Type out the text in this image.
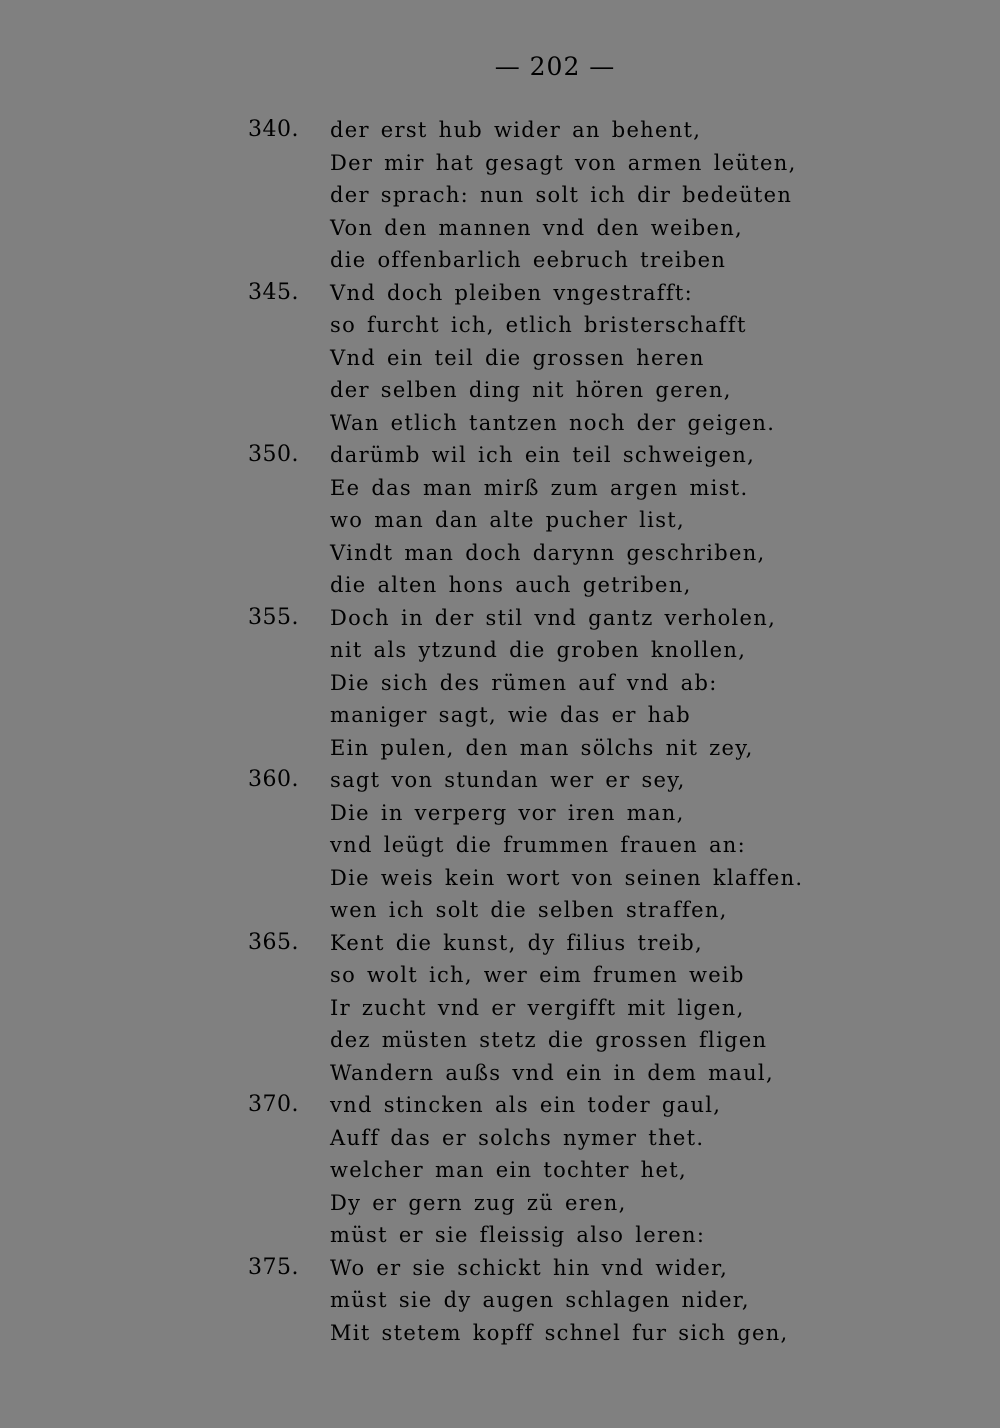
— 202 —
340.	der erst hub wider an behent,
Der mir hat gesagt von armen leüten,
der sprach: nun solt ich dir bedeüten
Von den mannen vnd den weiben,
die offenbarlich eebruch treiben
345.	Vnd doch pleiben vngestrafft:
so furcht ich, etlich bristerschafft
Vnd ein teil die grossen heren
der selben ding nit hören geren,
Wan etlich tantzen noch der geigen.
350.	darümb wil ich ein teil schweigen,
Ee das man mirß zum argen mist.
wo man dan alte pucher list,
Vindt man doch darynn geschriben,
die alten hons auch getriben,
355.	Doch in der stil vnd gantz verholen,
nit als ytzund die groben knollen,
Die sich des rümen auf vnd ab:
maniger sagt, wie das er hab
Ein pulen, den man sölchs nit zey,
360.	sagt von stundan wer er sey,
Die in verperg vor iren man,
vnd leügt die frummen frauen an:
Die weis kein wort von seinen klaffen.
wen ich solt die selben straffen,
365.	Kent die kunst, dy filius treib,
so wolt ich, wer eim frumen weib
Ir zucht vnd er vergifft mit ligen,
dez müsten stetz die grossen fligen
Wandern außs vnd ein in dem maul,
370.	vnd stincken als ein toder gaul,
Auff das er solchs nymer thet.
welcher man ein tochter het,
Dy er gern zug zü eren,
müst er sie fleissig also leren:
375.	Wo er sie schickt hin vnd wider,
müst sie dy augen schlagen nider,
Mit stetem kopff schnel fur sich gen,
